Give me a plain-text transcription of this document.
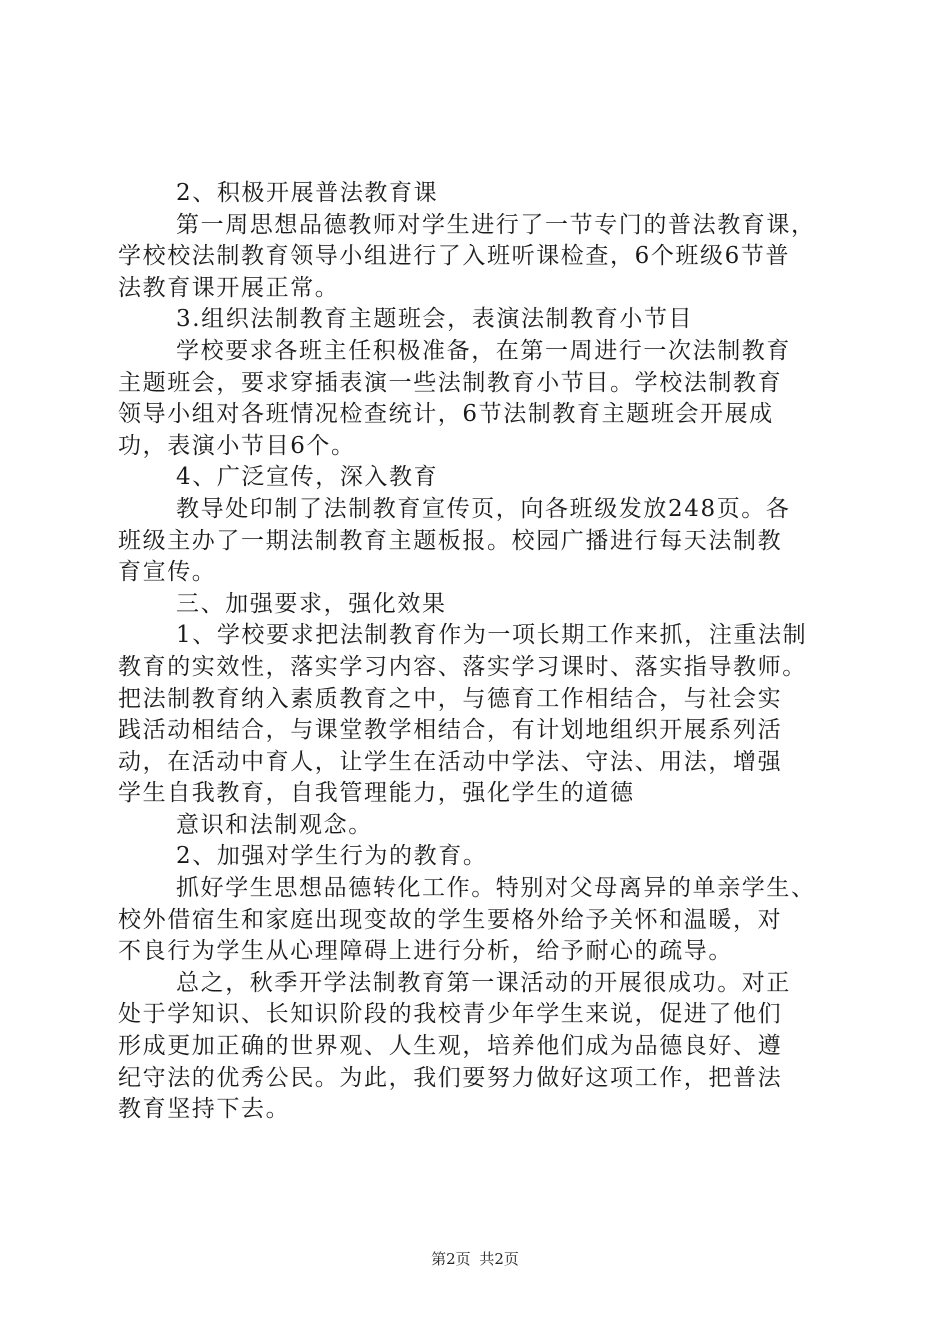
2、积极开展普法教育课
第一周思想品德教师对学生进行了一节专门的普法教育课，
学校校法制教育领导小组进行了入班听课检查，6个班级6节普
法教育课开展正常。
3.组织法制教育主题班会，表演法制教育小节目
学校要求各班主任积极准备，在第一周进行一次法制教育
主题班会，要求穿插表演一些法制教育小节目。学校法制教育
领导小组对各班情况检查统计，6节法制教育主题班会开展成
功，表演小节目6个。
4、广泛宣传，深入教育
教导处印制了法制教育宣传页，向各班级发放248页。各
班级主办了一期法制教育主题板报。校园广播进行每天法制教
育宣传。
三、加强要求，强化效果
1、学校要求把法制教育作为一项长期工作来抓，注重法制
教育的实效性，落实学习内容、落实学习课时、落实指导教师。
把法制教育纳入素质教育之中，与德育工作相结合，与社会实
践活动相结合，与课堂教学相结合，有计划地组织开展系列活
动，在活动中育人，让学生在活动中学法、守法、用法，增强
学生自我教育，自我管理能力，强化学生的道德
意识和法制观念。
2、加强对学生行为的教育。
抓好学生思想品德转化工作。特别对父母离异的单亲学生、
校外借宿生和家庭出现变故的学生要格外给予关怀和温暖，对
不良行为学生从心理障碍上进行分析，给予耐心的疏导。
总之，秋季开学法制教育第一课活动的开展很成功。对正
处于学知识、长知识阶段的我校青少年学生来说，促进了他们
形成更加正确的世界观、人生观，培养他们成为品德良好、遵
纪守法的优秀公民。为此，我们要努力做好这项工作，把普法
教育坚持下去。
第2页 共2页
